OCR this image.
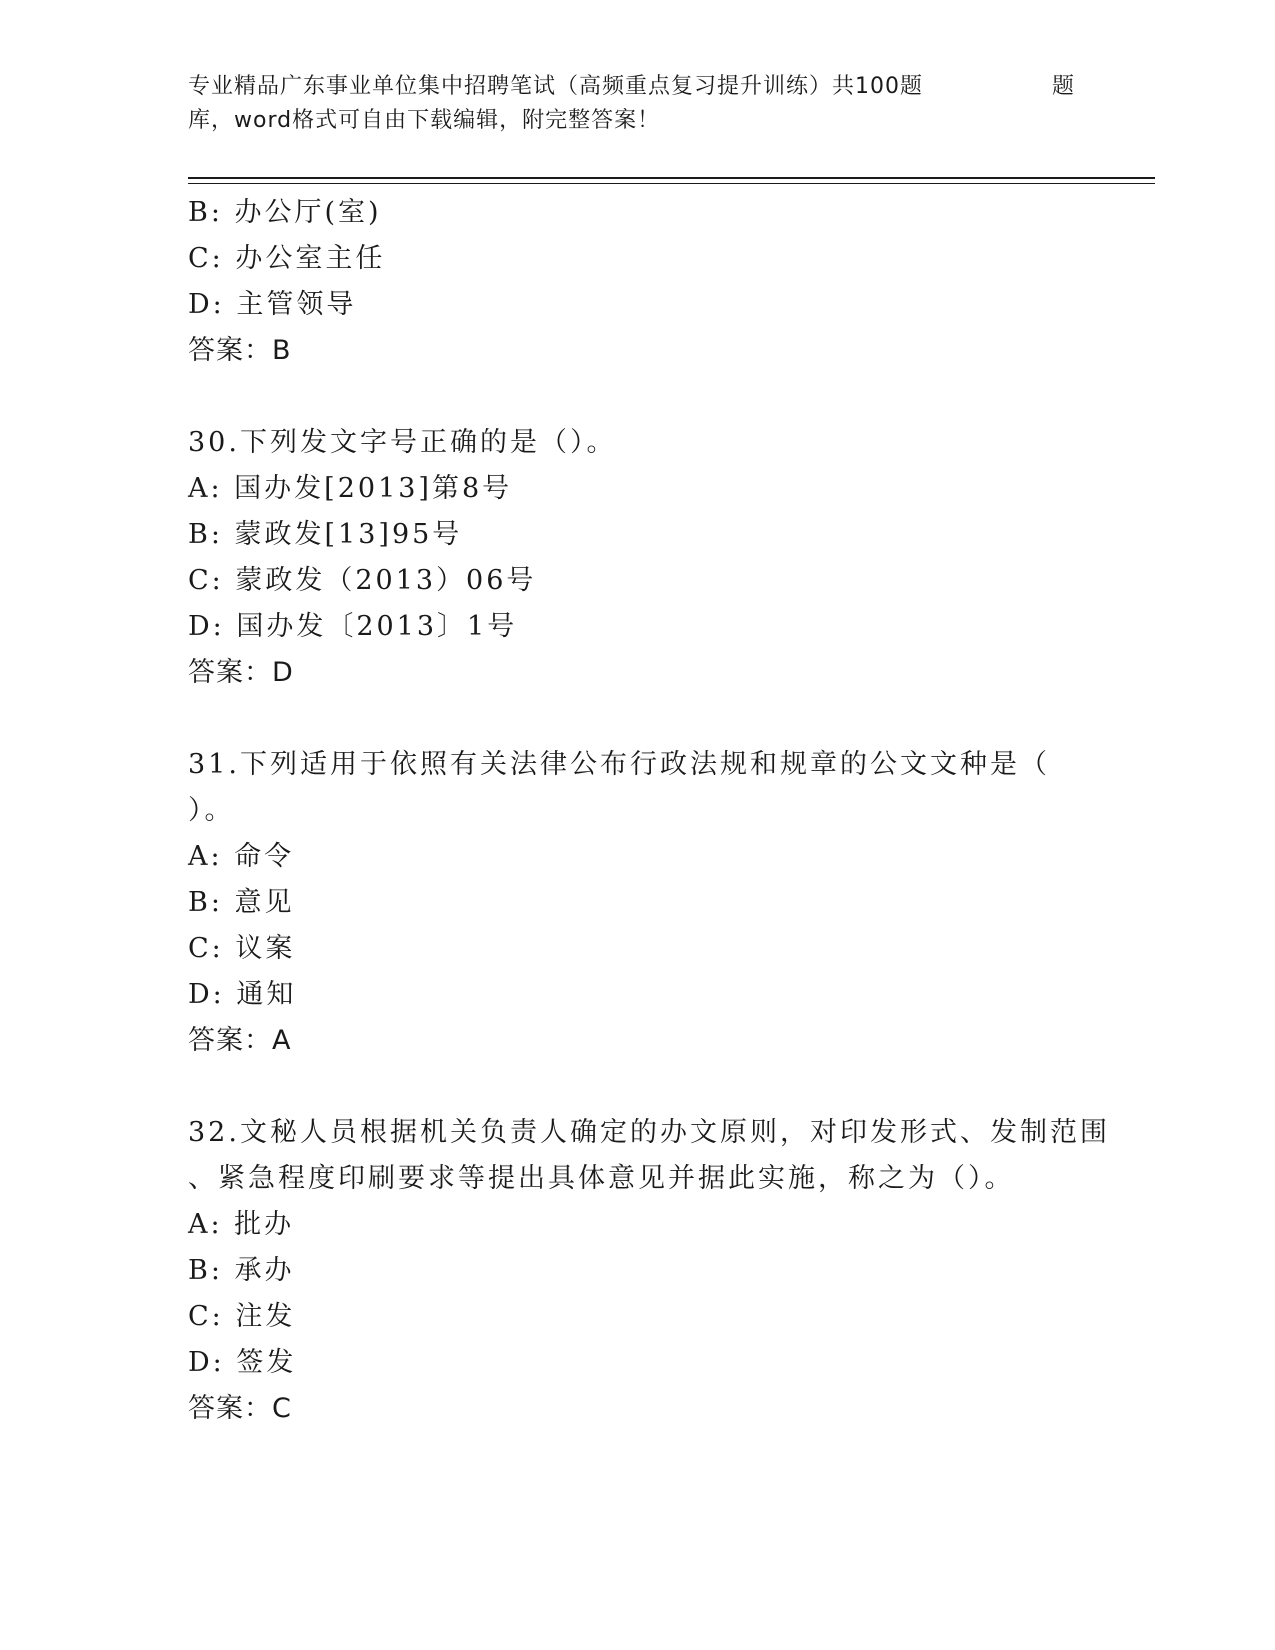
专业精品广东事业单位集中招聘笔试（高频重点复习提升训练）共100题
库，word格式可自由下载编辑，附完整答案！
题
B: 办公厅(室)
C: 办公室主任
D: 主管领导
答案：B
30.下列发文字号正确的是（）。
A: 国办发[2013]第8号
B: 蒙政发[13]95号
C: 蒙政发（2013）06号
D: 国办发〔2013〕1号
答案：D
31.下列适用于依照有关法律公布行政法规和规章的公文文种是（
）。
A: 命令
B: 意见
C: 议案
D: 通知
答案：A
32.文秘人员根据机关负责人确定的办文原则，对印发形式、发制范围
、紧急程度印刷要求等提出具体意见并据此实施，称之为（）。
A: 批办
B: 承办
C: 注发
D: 签发
答案：C
